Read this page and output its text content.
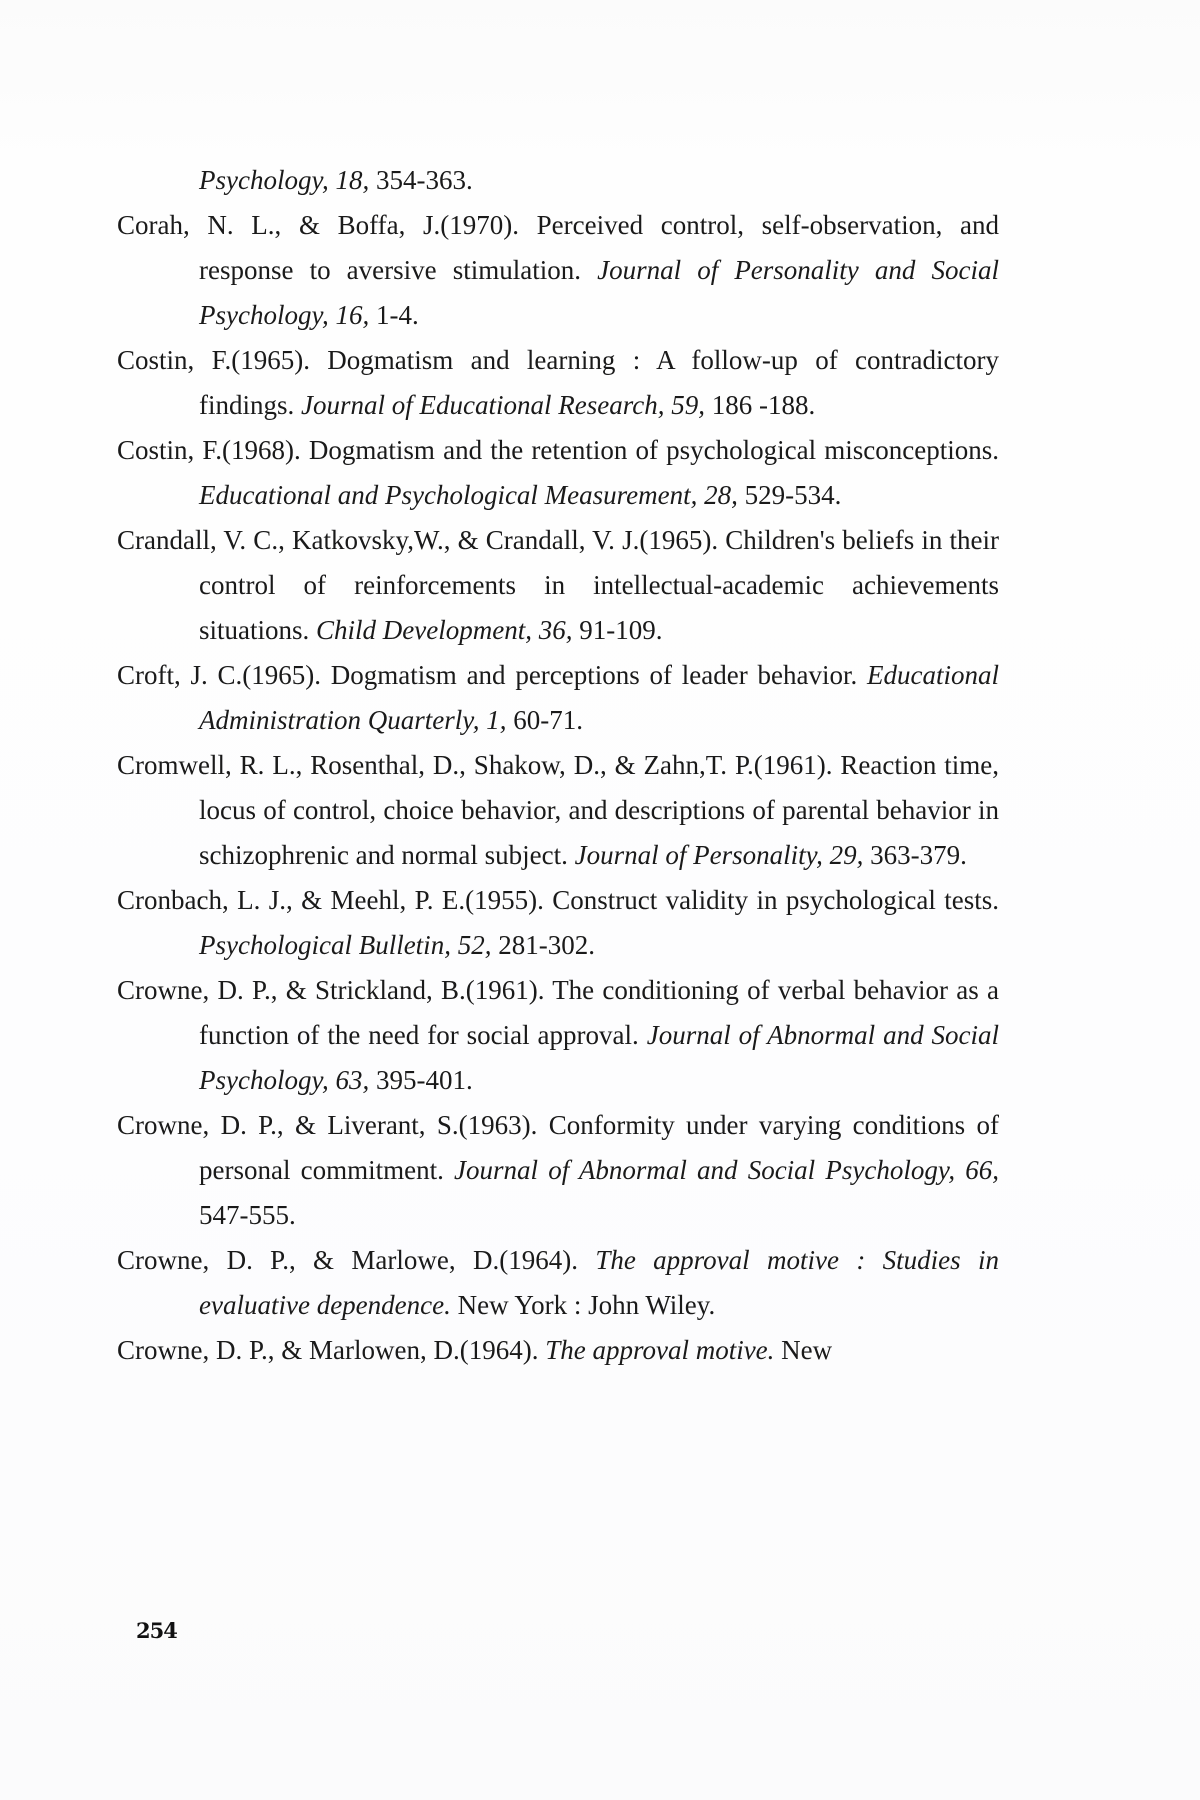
Psychology, 18, 354-363.

Corah, N. L., & Boffa, J.(1970). Perceived control, self-observation, and response to aversive stimulation. Journal of Personality and Social Psychology, 16, 1-4.

Costin, F.(1965). Dogmatism and learning : A follow-up of contradictory findings. Journal of Educational Research, 59, 186 -188.

Costin, F.(1968). Dogmatism and the retention of psychological misconceptions. Educational and Psychological Measurement, 28, 529-534.

Crandall, V. C., Katkovsky,W., & Crandall, V. J.(1965). Children's beliefs in their control of reinforcements in intellectual-academic achievements situations. Child Development, 36, 91-109.

Croft, J. C.(1965). Dogmatism and perceptions of leader behavior. Educational Administration Quarterly, 1, 60-71.

Cromwell, R. L., Rosenthal, D., Shakow, D., & Zahn,T. P.(1961). Reaction time, locus of control, choice behavior, and descriptions of parental behavior in schizophrenic and normal subject. Journal of Personality, 29, 363-379.

Cronbach, L. J., & Meehl, P. E.(1955). Construct validity in psychological tests. Psychological Bulletin, 52, 281-302.

Crowne, D. P., & Strickland, B.(1961). The conditioning of verbal behavior as a function of the need for social approval. Journal of Abnormal and Social Psychology, 63, 395-401.

Crowne, D. P., & Liverant, S.(1963). Conformity under varying conditions of personal commitment. Journal of Abnormal and Social Psychology, 66, 547-555.

Crowne, D. P., & Marlowe, D.(1964). The approval motive : Studies in evaluative dependence. New York : John Wiley.

Crowne, D. P., & Marlowen, D.(1964). The approval motive. New

254
